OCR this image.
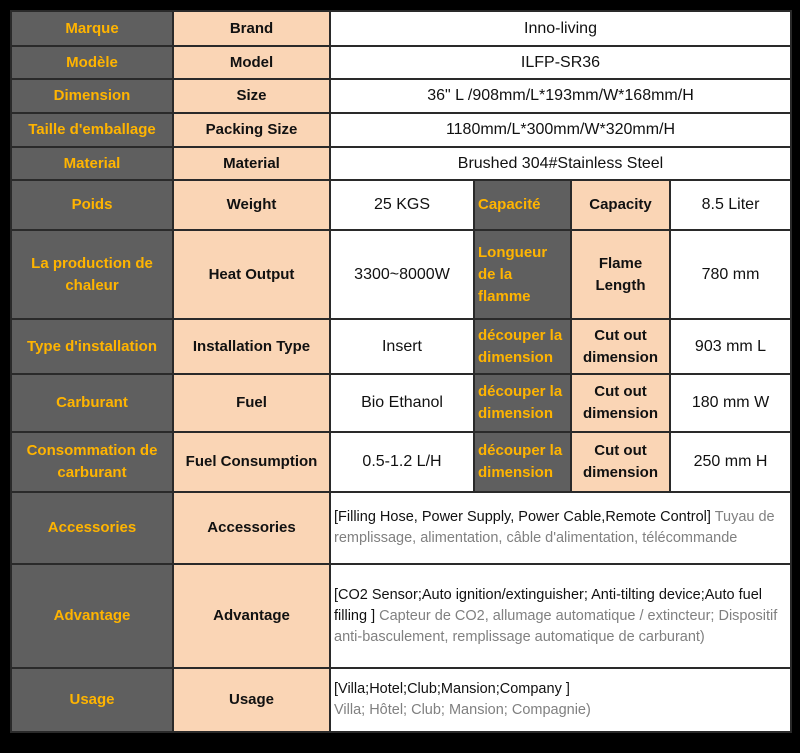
Marque	Brand	Inno-living			
Modèle	Model	ILFP-SR36			
Dimension	Size	36" L /908mm/L*193mm/W*168mm/H			
Taille d'emballage	Packing Size	1180mm/L*300mm/W*320mm/H			
Material	Material	Brushed 304#Stainless Steel			
Poids	Weight	25 KGS	Capacité	Capacity	8.5 Liter
La production de chaleur	Heat Output	3300~8000W	Longueur de la flamme	Flame Length	780 mm
Type d'installation	Installation Type	Insert	découper la dimension	Cut out dimension	903 mm L
Carburant	Fuel	Bio Ethanol	découper la dimension	Cut out dimension	180 mm W
Consommation de carburant	Fuel Consumption	0.5-1.2 L/H	découper la dimension	Cut out dimension	250 mm H
Accessories	Accessories	[Filling Hose, Power Supply, Power Cable,Remote Control] Tuyau de remplissage, alimentation, câble d'alimentation, télécommande			
Advantage	Advantage	[CO2 Sensor;Auto ignition/extinguisher; Anti-tilting device;Auto fuel filling ] Capteur de CO2, allumage automatique / extincteur; Dispositif anti-basculement, remplissage automatique de carburant)			
Usage	Usage	[Villa;Hotel;Club;Mansion;Company ]
Villa; Hôtel; Club; Mansion; Compagnie)			
